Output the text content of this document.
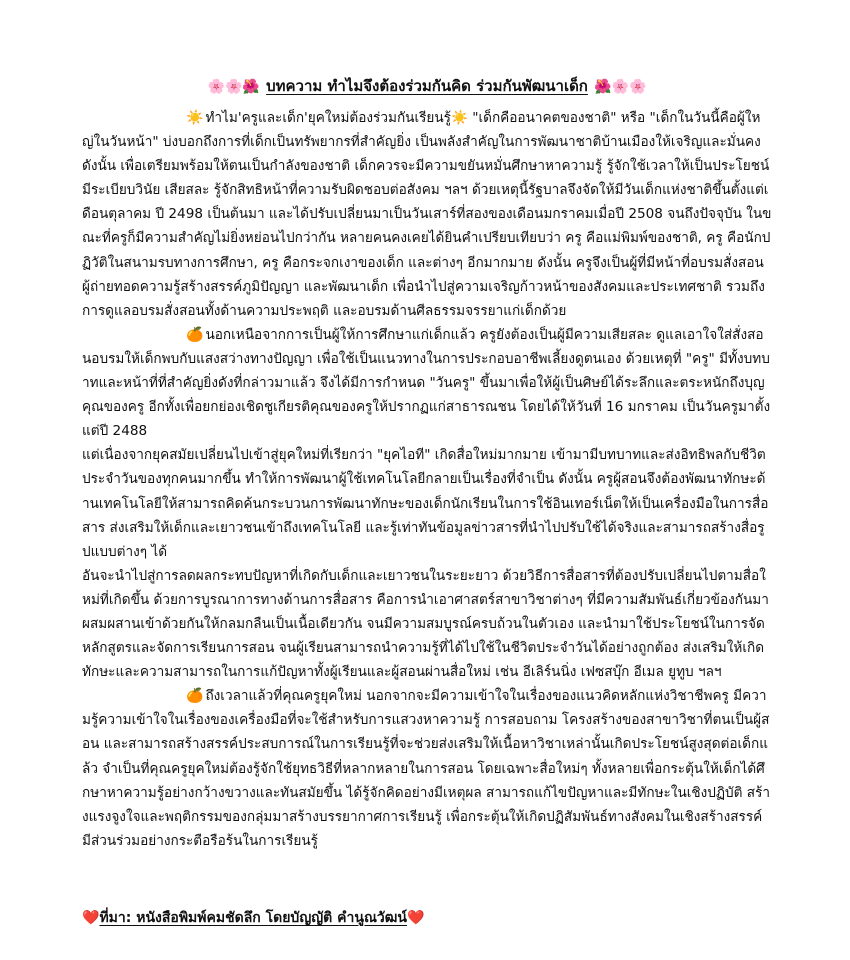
🌸🌸🌺 บทความ ทำไมจึงต้องร่วมกันคิด ร่วมกันพัฒนาเด็ก 🌺🌸🌸

☀️ ทำไม'ครูและเด็ก'ยุคใหม่ต้องร่วมกันเรียนรู้☀️ "เด็กคืออนาคตของชาติ" หรือ "เด็กในวันนี้คือผู้ใหญ่ในวันหน้า" บ่งบอกถึงการที่เด็กเป็นทรัพยากรที่สำคัญยิ่ง เป็นพลังสำคัญในการพัฒนาชาติบ้านเมืองให้เจริญและมั่นคง ดังนั้น เพื่อเตรียมพร้อมให้ตนเป็นกำลังของชาติ เด็กควรจะมีความขยันหมั่นศึกษาหาความรู้ รู้จักใช้เวลาให้เป็นประโยชน์ มีระเบียบวินัย เสียสละ รู้จักสิทธิหน้าที่ความรับผิดชอบต่อสังคม ฯลฯ ด้วยเหตุนี้รัฐบาลจึงจัดให้มีวันเด็กแห่งชาติขึ้นตั้งแต่เดือนตุลาคม ปี 2498 เป็นต้นมา และได้ปรับเปลี่ยนมาเป็นวันเสาร์ที่สองของเดือนมกราคมเมื่อปี 2508 จนถึงปัจจุบัน ในขณะที่ครูก็มีความสำคัญไม่ยิ่งหย่อนไปกว่ากัน หลายคนคงเคยได้ยินคำเปรียบเทียบว่า ครู คือแม่พิมพ์ของชาติ, ครู คือนักปฏิวัติในสนามรบทางการศึกษา, ครู คือกระจกเงาของเด็ก และต่างๆ อีกมากมาย ดังนั้น ครูจึงเป็นผู้ที่มีหน้าที่อบรมสั่งสอน ผู้ถ่ายทอดความรู้สร้างสรรค์ภูมิปัญญา และพัฒนาเด็ก เพื่อนำไปสู่ความเจริญก้าวหน้าของสังคมและประเทศชาติ รวมถึงการดูแลอบรมสั่งสอนทั้งด้านความประพฤติ และอบรมด้านศีลธรรมจรรยาแก่เด็กด้วย

🍊 นอกเหนือจากการเป็นผู้ให้การศึกษาแก่เด็กแล้ว ครูยังต้องเป็นผู้มีความเสียสละ ดูแลเอาใจใส่สั่งสอนอบรมให้เด็กพบกับแสงสว่างทางปัญญา เพื่อใช้เป็นแนวทางในการประกอบอาชีพเลี้ยงดูตนเอง ด้วยเหตุที่ "ครู" มีทั้งบทบาทและหน้าที่ที่สำคัญยิ่งดังที่กล่าวมาแล้ว จึงได้มีการกำหนด "วันครู" ขึ้นมาเพื่อให้ผู้เป็นศิษย์ได้ระลึกและตระหนักถึงบุญคุณของครู อีกทั้งเพื่อยกย่องเชิดชูเกียรติคุณของครูให้ปรากฏแก่สาธารณชน โดยได้ให้วันที่ 16 มกราคม เป็นวันครูมาตั้งแต่ปี 2488

แต่เนื่องจากยุคสมัยเปลี่ยนไปเข้าสู่ยุคใหม่ที่เรียกว่า "ยุคไอที" เกิดสื่อใหม่มากมาย เข้ามามีบทบาทและส่งอิทธิพลกับชีวิตประจำวันของทุกคนมากขึ้น ทำให้การพัฒนาผู้ใช้เทคโนโลยีกลายเป็นเรื่องที่จำเป็น ดังนั้น ครูผู้สอนจึงต้องพัฒนาทักษะด้านเทคโนโลยีให้สามารถคิดค้นกระบวนการพัฒนาทักษะของเด็กนักเรียนในการใช้อินเทอร์เน็ตให้เป็นเครื่องมือในการสื่อสาร ส่งเสริมให้เด็กและเยาวชนเข้าถึงเทคโนโลยี และรู้เท่าทันข้อมูลข่าวสารที่นำไปปรับใช้ได้จริงและสามารถสร้างสื่อรูปแบบต่างๆ ได้

อันจะนำไปสู่การลดผลกระทบปัญหาที่เกิดกับเด็กและเยาวชนในระยะยาว ด้วยวิธีการสื่อสารที่ต้องปรับเปลี่ยนไปตามสื่อใหม่ที่เกิดขึ้น ด้วยการบูรณาการทางด้านการสื่อสาร คือการนำเอาศาสตร์สาขาวิชาต่างๆ ที่มีความสัมพันธ์เกี่ยวข้องกันมาผสมผสานเข้าด้วยกันให้กลมกลืนเป็นเนื้อเดียวกัน จนมีความสมบูรณ์ครบถ้วนในตัวเอง และนำมาใช้ประโยชน์ในการจัดหลักสูตรและจัดการเรียนการสอน จนผู้เรียนสามารถนำความรู้ที่ได้ไปใช้ในชีวิตประจำวันได้อย่างถูกต้อง ส่งเสริมให้เกิดทักษะและความสามารถในการแก้ปัญหาทั้งผู้เรียนและผู้สอนผ่านสื่อใหม่ เช่น อีเลิร์นนิ่ง เฟซสบุ๊ก อีเมล ยูทูบ ฯลฯ

🍊 ถึงเวลาแล้วที่คุณครูยุคใหม่ นอกจากจะมีความเข้าใจในเรื่องของแนวคิดหลักแห่งวิชาชีพครู มีความรู้ความเข้าใจในเรื่องของเครื่องมือที่จะใช้สำหรับการแสวงหาความรู้ การสอบถาม โครงสร้างของสาขาวิชาที่ตนเป็นผู้สอน และสามารถสร้างสรรค์ประสบการณ์ในการเรียนรู้ที่จะช่วยส่งเสริมให้เนื้อหาวิชาเหล่านั้นเกิดประโยชน์สูงสุดต่อเด็กแล้ว จำเป็นที่คุณครูยุคใหม่ต้องรู้จักใช้ยุทธวิธีที่หลากหลายในการสอน โดยเฉพาะสื่อใหม่ๆ ทั้งหลายเพื่อกระตุ้นให้เด็กได้ศึกษาหาความรู้อย่างกว้างขวางและทันสมัยขึ้น ได้รู้จักคิดอย่างมีเหตุผล สามารถแก้ไขปัญหาและมีทักษะในเชิงปฏิบัติ สร้างแรงจูงใจและพฤติกรรมของกลุ่มมาสร้างบรรยากาศการเรียนรู้ เพื่อกระตุ้นให้เกิดปฏิสัมพันธ์ทางสังคมในเชิงสร้างสรรค์ มีส่วนร่วมอย่างกระตือรือร้นในการเรียนรู้

❤️ที่มา: หนังสือพิมพ์คมชัดลึก โดยบัญญัติ คำนูณวัฒน์❤️
